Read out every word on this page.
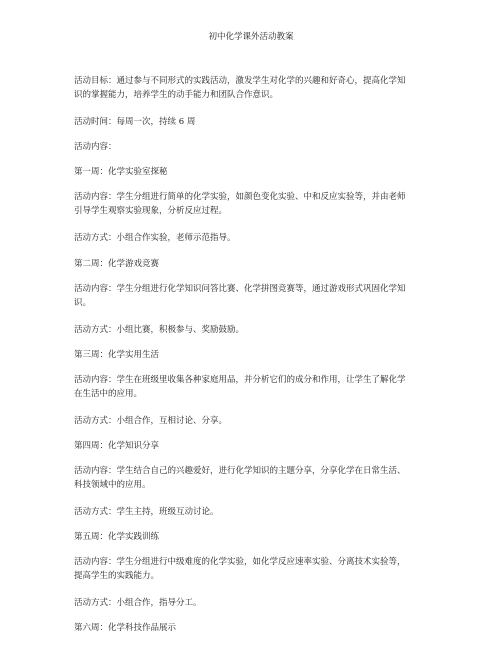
初中化学课外活动教案
活动目标：通过参与不同形式的实践活动，激发学生对化学的兴趣和好奇心，提高化学知
识的掌握能力，培养学生的动手能力和团队合作意识。
活动时间：每周一次，持续 6 周
活动内容：
第一周：化学实验室探秘
活动内容：学生分组进行简单的化学实验，如颜色变化实验、中和反应实验等，并由老师
引导学生观察实验现象，分析反应过程。
活动方式：小组合作实验，老师示范指导。
第二周：化学游戏竞赛
活动内容：学生分组进行化学知识问答比赛、化学拼图竞赛等，通过游戏形式巩固化学知
识。
活动方式：小组比赛，积极参与、奖励鼓励。
第三周：化学实用生活
活动内容：学生在班级里收集各种家庭用品，并分析它们的成分和作用，让学生了解化学
在生活中的应用。
活动方式：小组合作，互相讨论、分享。
第四周：化学知识分享
活动内容：学生结合自己的兴趣爱好，进行化学知识的主题分享，分享化学在日常生活、
科技领域中的应用。
活动方式：学生主持，班级互动讨论。
第五周：化学实践训练
活动内容：学生分组进行中级难度的化学实验，如化学反应速率实验、分离技术实验等，
提高学生的实践能力。
活动方式：小组合作，指导分工。
第六周：化学科技作品展示
